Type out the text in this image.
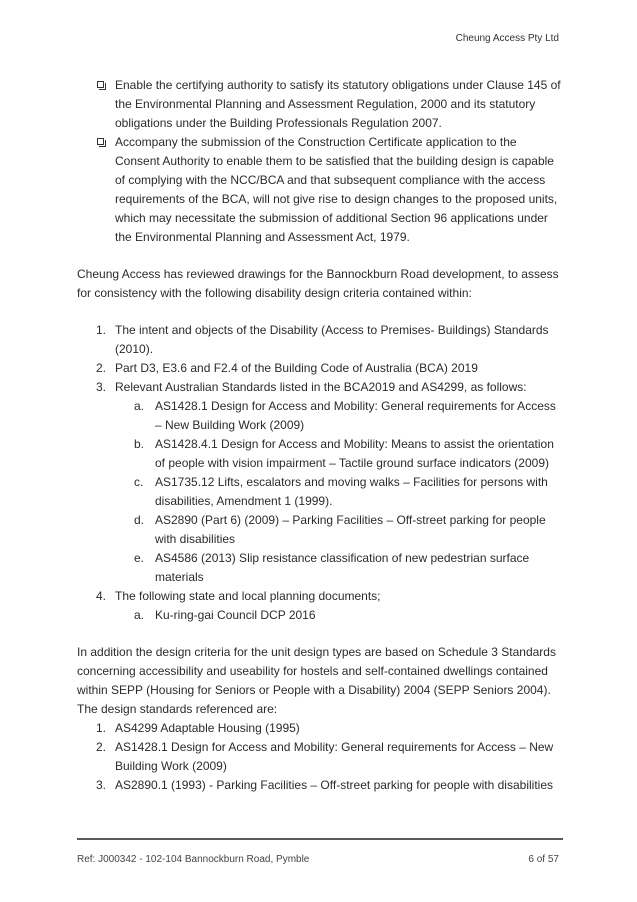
Cheung Access Pty Ltd
Enable the certifying authority to satisfy its statutory obligations under Clause 145 of the Environmental Planning and Assessment Regulation, 2000 and its statutory obligations under the Building Professionals Regulation 2007.
Accompany the submission of the Construction Certificate application to the Consent Authority to enable them to be satisfied that the building design is capable of complying with the NCC/BCA and that subsequent compliance with the access requirements of the BCA, will not give rise to design changes to the proposed units, which may necessitate the submission of additional Section 96 applications under the Environmental Planning and Assessment Act, 1979.

Cheung Access has reviewed drawings for the Bannockburn Road development, to assess for consistency with the following disability design criteria contained within:

1. The intent and objects of the Disability (Access to Premises- Buildings) Standards (2010).
2. Part D3, E3.6 and F2.4 of the Building Code of Australia (BCA) 2019
3. Relevant Australian Standards listed in the BCA2019 and AS4299, as follows:
a. AS1428.1 Design for Access and Mobility: General requirements for Access – New Building Work (2009)
b. AS1428.4.1 Design for Access and Mobility: Means to assist the orientation of people with vision impairment – Tactile ground surface indicators (2009)
c. AS1735.12 Lifts, escalators and moving walks – Facilities for persons with disabilities, Amendment 1 (1999).
d. AS2890 (Part 6) (2009) – Parking Facilities – Off-street parking for people with disabilities
e. AS4586 (2013) Slip resistance classification of new pedestrian surface materials
4. The following state and local planning documents;
a. Ku-ring-gai Council DCP 2016

In addition the design criteria for the unit design types are based on Schedule 3 Standards concerning accessibility and useability for hostels and self-contained dwellings contained within SEPP (Housing for Seniors or People with a Disability) 2004 (SEPP Seniors 2004). The design standards referenced are:

1. AS4299 Adaptable Housing (1995)
2. AS1428.1 Design for Access and Mobility: General requirements for Access – New Building Work (2009)
3. AS2890.1 (1993) - Parking Facilities – Off-street parking for people with disabilities
Ref: J000342 - 102-104 Bannockburn Road, Pymble	6 of 57
